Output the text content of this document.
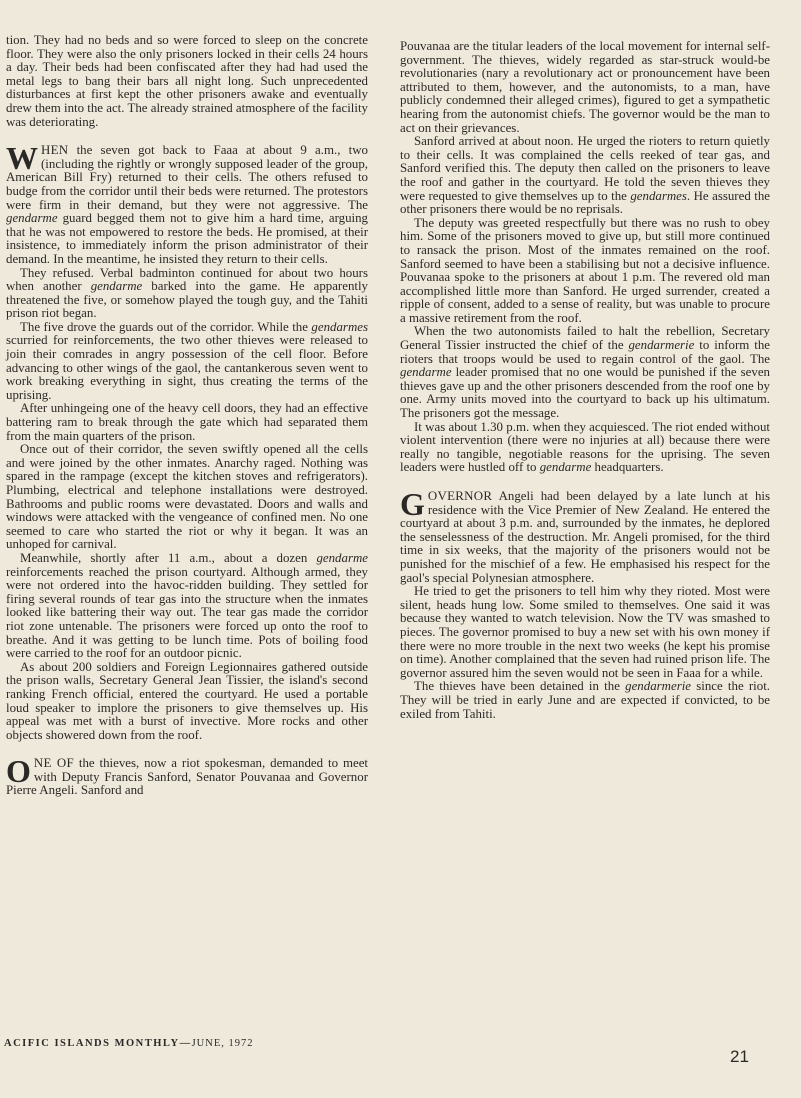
tion. They had no beds and so were forced to sleep on the concrete floor. They were also the only prisoners locked in their cells 24 hours a day. Their beds had been confiscated after they had had used the metal legs to bang their bars all night long. Such unprecedented disturbances at first kept the other prisoners awake and eventually drew them into the act. The already strained atmosphere of the facility was deteriorating.

WHEN the seven got back to Faaa at about 9 a.m., two (including the rightly or wrongly supposed leader of the group, American Bill Fry) returned to their cells. The others refused to budge from the corridor until their beds were returned. The protestors were firm in their demand, but they were not aggressive. The gendarme guard begged them not to give him a hard time, arguing that he was not empowered to restore the beds. He promised, at their insistence, to immediately inform the prison administrator of their demand. In the meantime, he insisted they return to their cells.

They refused. Verbal badminton continued for about two hours when another gendarme barked into the game. He apparently threatened the five, or somehow played the tough guy, and the Tahiti prison riot began.

The five drove the guards out of the corridor. While the gendarmes scurried for reinforcements, the two other thieves were released to join their comrades in angry possession of the cell floor. Before advancing to other wings of the gaol, the cantankerous seven went to work breaking everything in sight, thus creating the terms of the uprising.

After unhingeing one of the heavy cell doors, they had an effective battering ram to break through the gate which had separated them from the main quarters of the prison.

Once out of their corridor, the seven swiftly opened all the cells and were joined by the other inmates. Anarchy raged. Nothing was spared in the rampage (except the kitchen stoves and refrigerators). Plumbing, electrical and telephone installations were destroyed. Bathrooms and public rooms were devastated. Doors and walls and windows were attacked with the vengeance of confined men. No one seemed to care who started the riot or why it began. It was an unhoped for carnival.

Meanwhile, shortly after 11 a.m., about a dozen gendarme reinforcements reached the prison courtyard. Although armed, they were not ordered into the havoc-ridden building. They settled for firing several rounds of tear gas into the structure when the inmates looked like battering their way out. The tear gas made the corridor riot zone untenable. The prisoners were forced up onto the roof to breathe. And it was getting to be lunch time. Pots of boiling food were carried to the roof for an outdoor picnic.

As about 200 soldiers and Foreign Legionnaires gathered outside the prison walls, Secretary General Jean Tissier, the island's second ranking French official, entered the courtyard. He used a portable loud speaker to implore the prisoners to give themselves up. His appeal was met with a burst of invective. More rocks and other objects showered down from the roof.

ONE OF the thieves, now a riot spokesman, demanded to meet with Deputy Francis Sanford, Senator Pouvanaa and Governor Pierre Angeli. Sanford and

Pouvanaa are the titular leaders of the local movement for internal self-government. The thieves, widely regarded as star-struck would-be revolutionaries (nary a revolutionary act or pronouncement have been attributed to them, however, and the autonomists, to a man, have publicly condemned their alleged crimes), figured to get a sympathetic hearing from the autonomist chiefs. The governor would be the man to act on their grievances.

Sanford arrived at about noon. He urged the rioters to return quietly to their cells. It was complained the cells reeked of tear gas, and Sanford verified this. The deputy then called on the prisoners to leave the roof and gather in the courtyard. He told the seven thieves they were requested to give themselves up to the gendarmes. He assured the other prisoners there would be no reprisals.

The deputy was greeted respectfully but there was no rush to obey him. Some of the prisoners moved to give up, but still more continued to ransack the prison. Most of the inmates remained on the roof. Sanford seemed to have been a stabilising but not a decisive influence. Pouvanaa spoke to the prisoners at about 1 p.m. The revered old man accomplished little more than Sanford. He urged surrender, created a ripple of consent, added to a sense of reality, but was unable to procure a massive retirement from the roof.

When the two autonomists failed to halt the rebellion, Secretary General Tissier instructed the chief of the gendarmerie to inform the rioters that troops would be used to regain control of the gaol. The gendarme leader promised that no one would be punished if the seven thieves gave up and the other prisoners descended from the roof one by one. Army units moved into the courtyard to back up his ultimatum. The prisoners got the message.

It was about 1.30 p.m. when they acquiesced. The riot ended without violent intervention (there were no injuries at all) because there were really no tangible, negotiable reasons for the uprising. The seven leaders were hustled off to gendarme headquarters.

GOVERNOR Angeli had been delayed by a late lunch at his residence with the Vice Premier of New Zealand. He entered the courtyard at about 3 p.m. and, surrounded by the inmates, he deplored the senselessness of the destruction. Mr. Angeli promised, for the third time in six weeks, that the majority of the prisoners would not be punished for the mischief of a few. He emphasised his respect for the gaol's special Polynesian atmosphere.

He tried to get the prisoners to tell him why they rioted. Most were silent, heads hung low. Some smiled to themselves. One said it was because they wanted to watch television. Now the TV was smashed to pieces. The governor promised to buy a new set with his own money if there were no more trouble in the next two weeks (he kept his promise on time). Another complained that the seven had ruined prison life. The governor assured him the seven would not be seen in Faaa for a while.

The thieves have been detained in the gendarmerie since the riot. They will be tried in early June and are expected if convicted, to be exiled from Tahiti.

ACIFIC ISLANDS MONTHLY—JUNE, 1972
21
